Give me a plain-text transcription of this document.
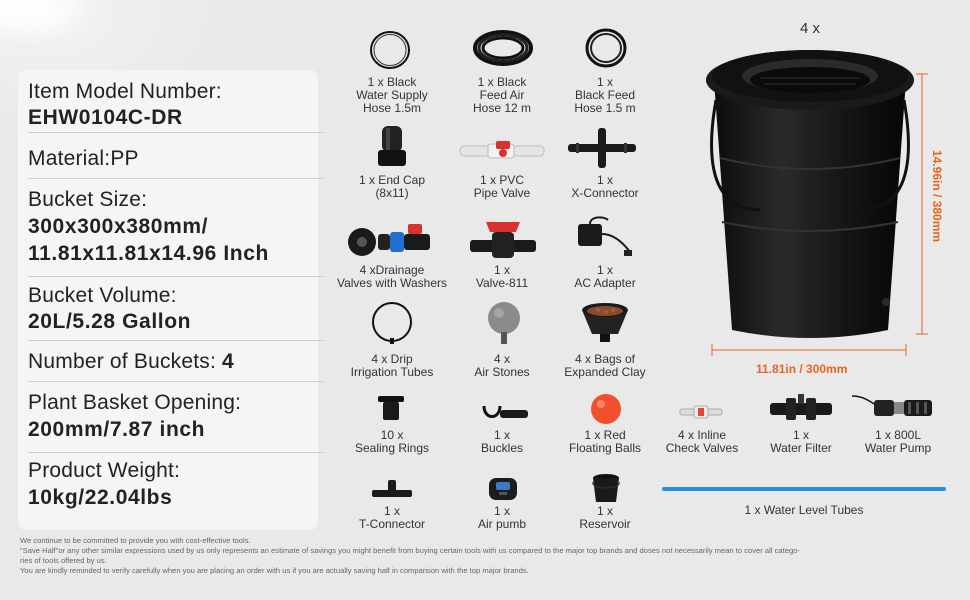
Item Model Number:
EHW0104C-DR
Material:PP
Bucket Size:
300x300x380mm/
11.81x11.81x14.96 Inch
Bucket Volume:
20L/5.28 Gallon
Number of Buckets: 4
Plant Basket Opening:
200mm/7.87 inch
Product Weight:
10kg/22.04lbs
1 x Black
Water Supply
Hose 1.5m
1 x Black
Feed Air
Hose 12 m
1 x
Black Feed
Hose 1.5 m
1 x End Cap
(8x11)
1 x PVC
Pipe Valve
1 x
X-Connector
4 xDrainage
Valves with Washers
1 x
Valve-811
1 x
AC Adapter
4 x Drip
Irrigation Tubes
4 x
Air Stones
4 x Bags of
Expanded Clay
10 x
Sealing Rings
1 x
Buckles
1 x Red
Floating Balls
4 x Inline
Check Valves
1 x
Water Filter
1 x 800L
Water Pump
1 x
T-Connector
1 x
Air pumb
1 x
Reservoir
1 x Water Level Tubes
4 x
11.81in / 300mm
14.96in / 380mm
We continue to be committed to provide you with cost-effective tools.
"Save Half"or any other similar expressions used by us only represents an estimate of savings you might benefit from buying certain tools with us compared to the major top brands and doses not necessarily mean to cover all catego-
ries of tools offered by us.
You are kindly reminded to verify carefully when you are placing an order with us if you are actually saving half in comparison with the top major brands.
